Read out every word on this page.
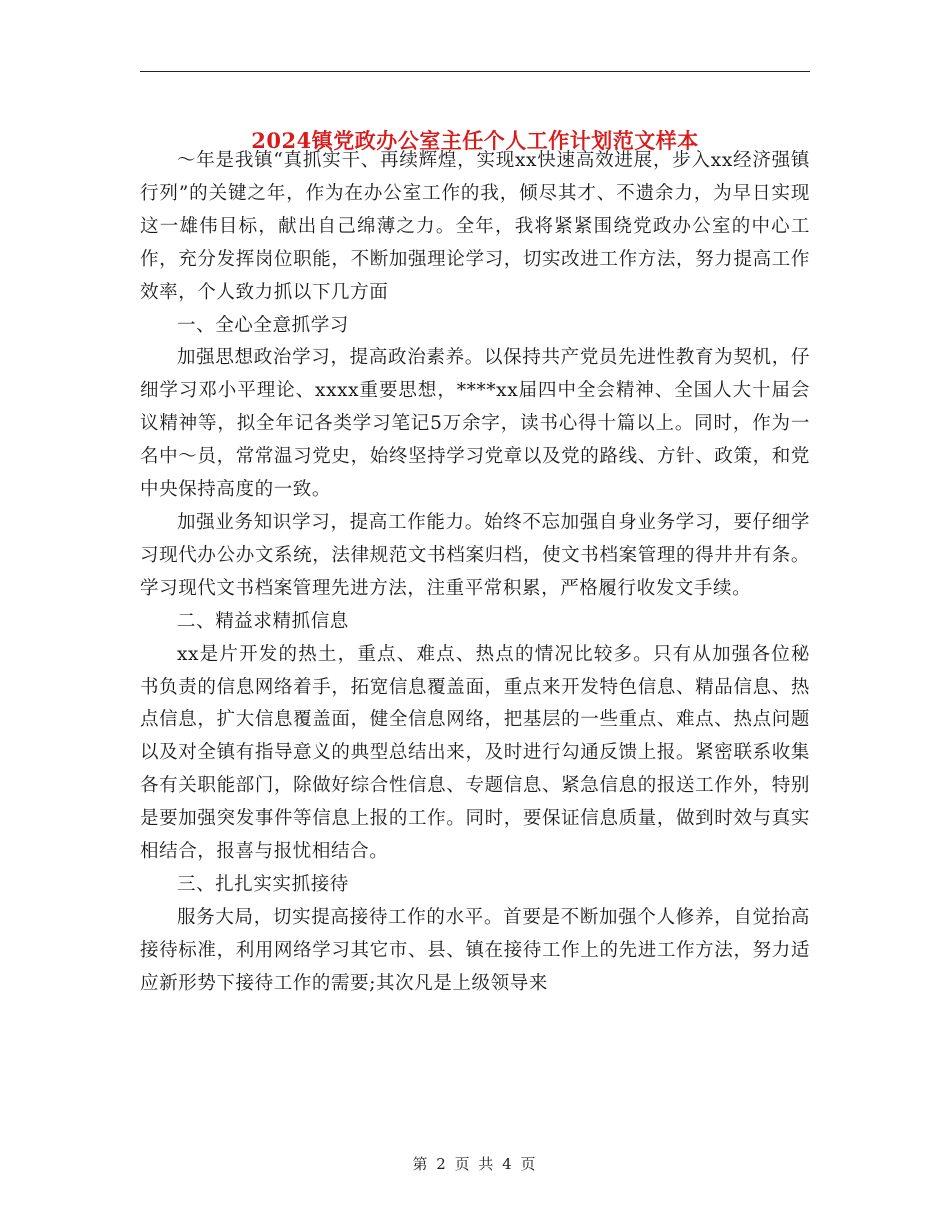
2024镇党政办公室主任个人工作计划范文样本

～年是我镇“真抓实干、再续辉煌，实现xx快速高效进展，步入xx经济强镇行列”的关键之年，作为在办公室工作的我，倾尽其才、不遗余力，为早日实现这一雄伟目标，献出自己绵薄之力。全年，我将紧紧围绕党政办公室的中心工作，充分发挥岗位职能，不断加强理论学习，切实改进工作方法，努力提高工作效率，个人致力抓以下几方面

一、全心全意抓学习

加强思想政治学习，提高政治素养。以保持共产党员先进性教育为契机，仔细学习邓小平理论、xxxx重要思想，****xx届四中全会精神、全国人大十届会议精神等，拟全年记各类学习笔记5万余字，读书心得十篇以上。同时，作为一名中～员，常常温习党史，始终坚持学习党章以及党的路线、方针、政策，和党中央保持高度的一致。

加强业务知识学习，提高工作能力。始终不忘加强自身业务学习，要仔细学习现代办公办文系统，法律规范文书档案归档，使文书档案管理的得井井有条。学习现代文书档案管理先进方法，注重平常积累，严格履行收发文手续。

二、精益求精抓信息

xx是片开发的热土，重点、难点、热点的情况比较多。只有从加强各位秘书负责的信息网络着手，拓宽信息覆盖面，重点来开发特色信息、精品信息、热点信息，扩大信息覆盖面，健全信息网络，把基层的一些重点、难点、热点问题以及对全镇有指导意义的典型总结出来，及时进行勾通反馈上报。紧密联系收集各有关职能部门，除做好综合性信息、专题信息、紧急信息的报送工作外，特别是要加强突发事件等信息上报的工作。同时，要保证信息质量，做到时效与真实相结合，报喜与报忧相结合。

三、扎扎实实抓接待

服务大局，切实提高接待工作的水平。首要是不断加强个人修养，自觉抬高接待标准，利用网络学习其它市、县、镇在接待工作上的先进工作方法，努力适应新形势下接待工作的需要;其次凡是上级领导来

第 2 页 共 4 页
